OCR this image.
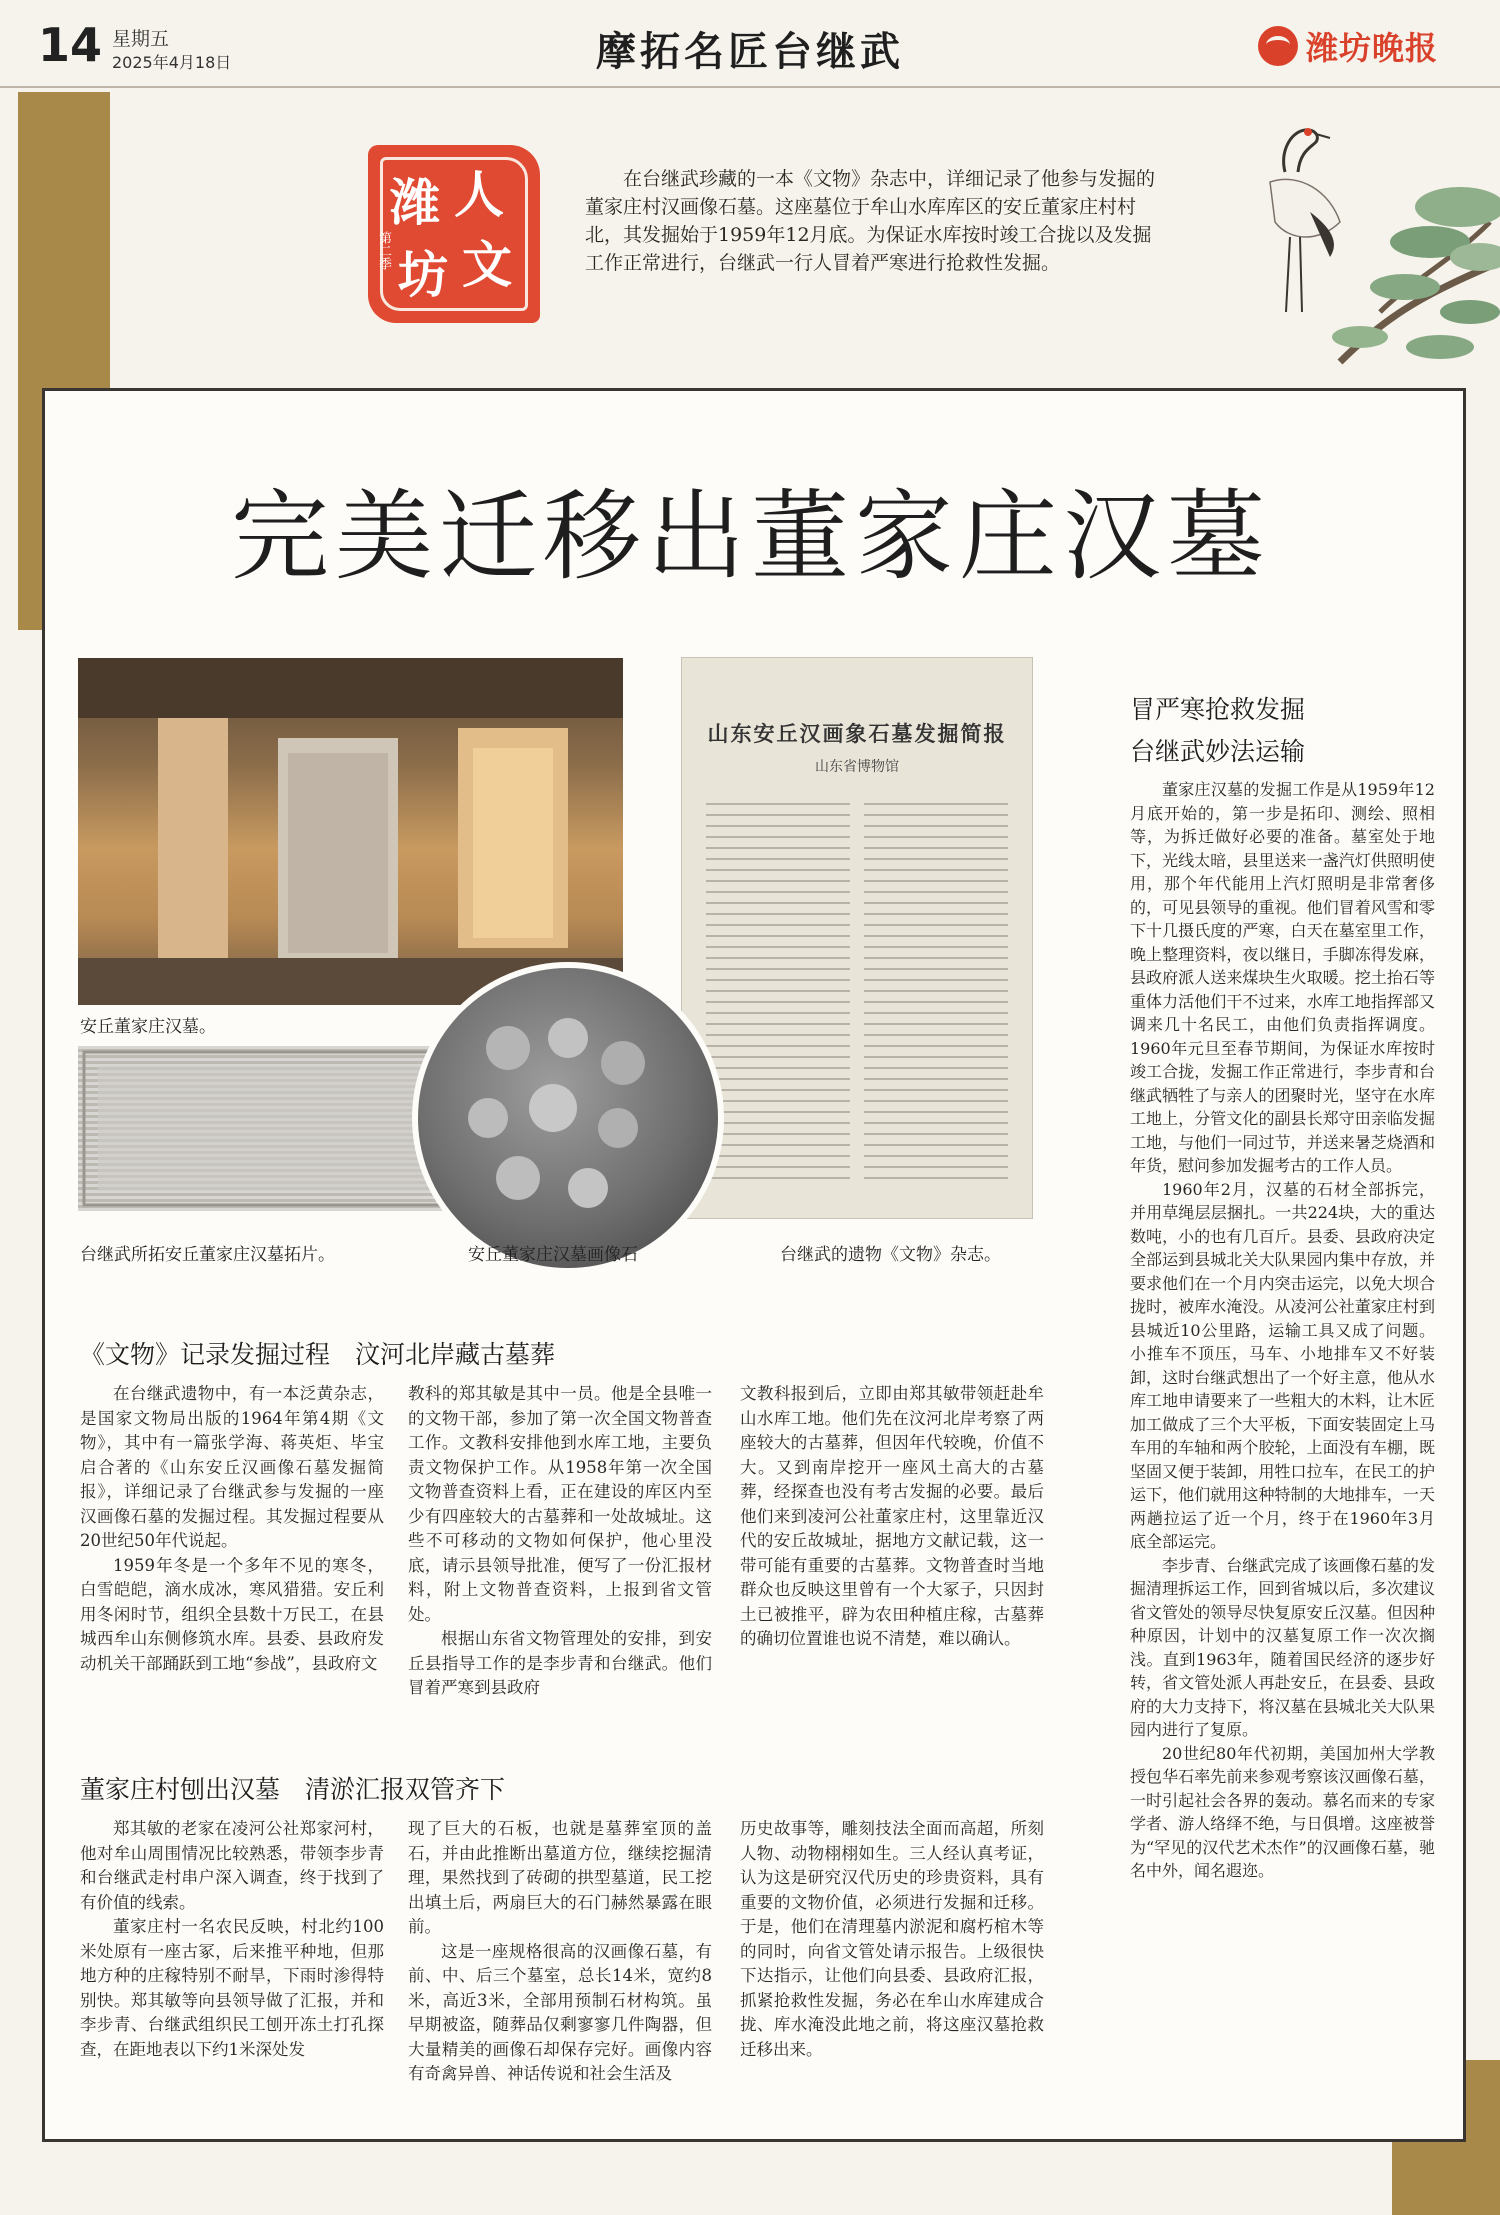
14 星期五
2025年4月18日	摩拓名匠台继武	潍坊晚报
潍 人
坊 文
第二季
在台继武珍藏的一本《文物》杂志中，详细记录了他参与发掘的董家庄村汉画像石墓。这座墓位于牟山水库库区的安丘董家庄村村北，其发掘始于1959年12月底。为保证水库按时竣工合拢以及发掘工作正常进行，台继武一行人冒着严寒进行抢救性发掘。
完美迁移出董家庄汉墓
安丘董家庄汉墓。
台继武所拓安丘董家庄汉墓拓片。
山东安丘汉画象石墓发掘简报
山东省博物馆
台继武的遗物《文物》杂志。
安丘董家庄汉墓画像石
《文物》记录发掘过程　汶河北岸藏古墓葬

在台继武遗物中，有一本泛黄杂志，是国家文物局出版的1964年第4期《文物》，其中有一篇张学海、蒋英炬、毕宝启合著的《山东安丘汉画像石墓发掘简报》，详细记录了台继武参与发掘的一座汉画像石墓的发掘过程。其发掘过程要从20世纪50年代说起。

1959年冬是一个多年不见的寒冬，白雪皑皑，滴水成冰，寒风猎猎。安丘利用冬闲时节，组织全县数十万民工，在县城西牟山东侧修筑水库。县委、县政府发动机关干部踊跃到工地“参战”，县政府文

教科的郑其敏是其中一员。他是全县唯一的文物干部，参加了第一次全国文物普查工作。文教科安排他到水库工地，主要负责文物保护工作。从1958年第一次全国文物普查资料上看，正在建设的库区内至少有四座较大的古墓葬和一处故城址。这些不可移动的文物如何保护，他心里没底，请示县领导批准，便写了一份汇报材料，附上文物普查资料，上报到省文管处。

根据山东省文物管理处的安排，到安丘县指导工作的是李步青和台继武。他们冒着严寒到县政府

文教科报到后，立即由郑其敏带领赶赴牟山水库工地。他们先在汶河北岸考察了两座较大的古墓葬，但因年代较晚，价值不大。又到南岸挖开一座风土高大的古墓葬，经探查也没有考古发掘的必要。最后他们来到凌河公社董家庄村，这里靠近汉代的安丘故城址，据地方文献记载，这一带可能有重要的古墓葬。文物普查时当地群众也反映这里曾有一个大冢子，只因封土已被推平，辟为农田种植庄稼，古墓葬的确切位置谁也说不清楚，难以确认。

董家庄村刨出汉墓　清淤汇报双管齐下

郑其敏的老家在凌河公社郑家河村，他对牟山周围情况比较熟悉，带领李步青和台继武走村串户深入调查，终于找到了有价值的线索。

董家庄村一名农民反映，村北约100米处原有一座古冢，后来推平种地，但那地方种的庄稼特别不耐旱，下雨时渗得特别快。郑其敏等向县领导做了汇报，并和李步青、台继武组织民工刨开冻土打孔探查，在距地表以下约1米深处发

现了巨大的石板，也就是墓葬室顶的盖石，并由此推断出墓道方位，继续挖掘清理，果然找到了砖砌的拱型墓道，民工挖出填土后，两扇巨大的石门赫然暴露在眼前。

这是一座规格很高的汉画像石墓，有前、中、后三个墓室，总长14米，宽约8米，高近3米，全部用预制石材构筑。虽早期被盗，随葬品仅剩寥寥几件陶器，但大量精美的画像石却保存完好。画像内容有奇禽异兽、神话传说和社会生活及

历史故事等，雕刻技法全面而高超，所刻人物、动物栩栩如生。三人经认真考证，认为这是研究汉代历史的珍贵资料，具有重要的文物价值，必须进行发掘和迁移。于是，他们在清理墓内淤泥和腐朽棺木等的同时，向省文管处请示报告。上级很快下达指示，让他们向县委、县政府汇报，抓紧抢救性发掘，务必在牟山水库建成合拢、库水淹没此地之前，将这座汉墓抢救迁移出来。

冒严寒抢救发掘
台继武妙法运输

董家庄汉墓的发掘工作是从1959年12月底开始的，第一步是拓印、测绘、照相等，为拆迁做好必要的准备。墓室处于地下，光线太暗，县里送来一盏汽灯供照明使用，那个年代能用上汽灯照明是非常奢侈的，可见县领导的重视。他们冒着风雪和零下十几摄氏度的严寒，白天在墓室里工作，晚上整理资料，夜以继日，手脚冻得发麻，县政府派人送来煤块生火取暖。挖土抬石等重体力活他们干不过来，水库工地指挥部又调来几十名民工，由他们负责指挥调度。1960年元旦至春节期间，为保证水库按时竣工合拢，发掘工作正常进行，李步青和台继武牺牲了与亲人的团聚时光，坚守在水库工地上，分管文化的副县长郑守田亲临发掘工地，与他们一同过节，并送来暑芝烧酒和年货，慰问参加发掘考古的工作人员。

1960年2月，汉墓的石材全部拆完，并用草绳层层捆扎。一共224块，大的重达数吨，小的也有几百斤。县委、县政府决定全部运到县城北关大队果园内集中存放，并要求他们在一个月内突击运完，以免大坝合拢时，被库水淹没。从凌河公社董家庄村到县城近10公里路，运输工具又成了问题。小推车不顶压，马车、小地排车又不好装卸，这时台继武想出了一个好主意，他从水库工地申请要来了一些粗大的木料，让木匠加工做成了三个大平板，下面安装固定上马车用的车轴和两个胶轮，上面没有车棚，既坚固又便于装卸，用牲口拉车，在民工的护运下，他们就用这种特制的大地排车，一天两趟拉运了近一个月，终于在1960年3月底全部运完。

李步青、台继武完成了该画像石墓的发掘清理拆运工作，回到省城以后，多次建议省文管处的领导尽快复原安丘汉墓。但因种种原因，计划中的汉墓复原工作一次次搁浅。直到1963年，随着国民经济的逐步好转，省文管处派人再赴安丘，在县委、县政府的大力支持下，将汉墓在县城北关大队果园内进行了复原。

20世纪80年代初期，美国加州大学教授包华石率先前来参观考察该汉画像石墓，一时引起社会各界的轰动。慕名而来的专家学者、游人络绎不绝，与日俱增。这座被誉为“罕见的汉代艺术杰作”的汉画像石墓，驰名中外，闻名遐迩。
